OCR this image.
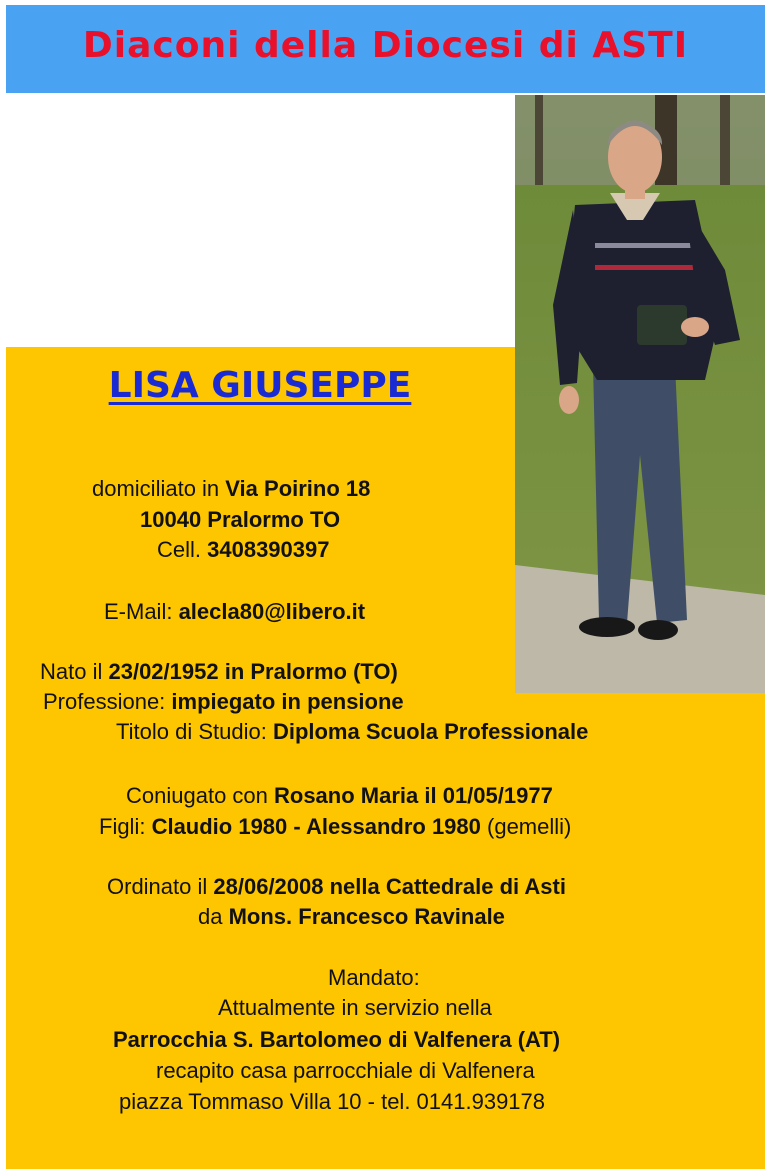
Diaconi della Diocesi di ASTI
LISA GIUSEPPE
domiciliato in Via Poirino 18
10040 Pralormo TO
Cell. 3408390397
E-Mail: alecla80@libero.it
Nato il 23/02/1952 in Pralormo (TO)
Professione: impiegato in pensione
Titolo di Studio: Diploma Scuola Professionale
Coniugato con Rosano Maria il 01/05/1977
Figli: Claudio 1980 - Alessandro 1980 (gemelli)
Ordinato il 28/06/2008 nella Cattedrale di Asti
da Mons. Francesco Ravinale
Mandato:
Attualmente in servizio nella
Parrocchia S. Bartolomeo di Valfenera (AT)
recapito casa parrocchiale di Valfenera
piazza Tommaso Villa 10 - tel. 0141.939178
